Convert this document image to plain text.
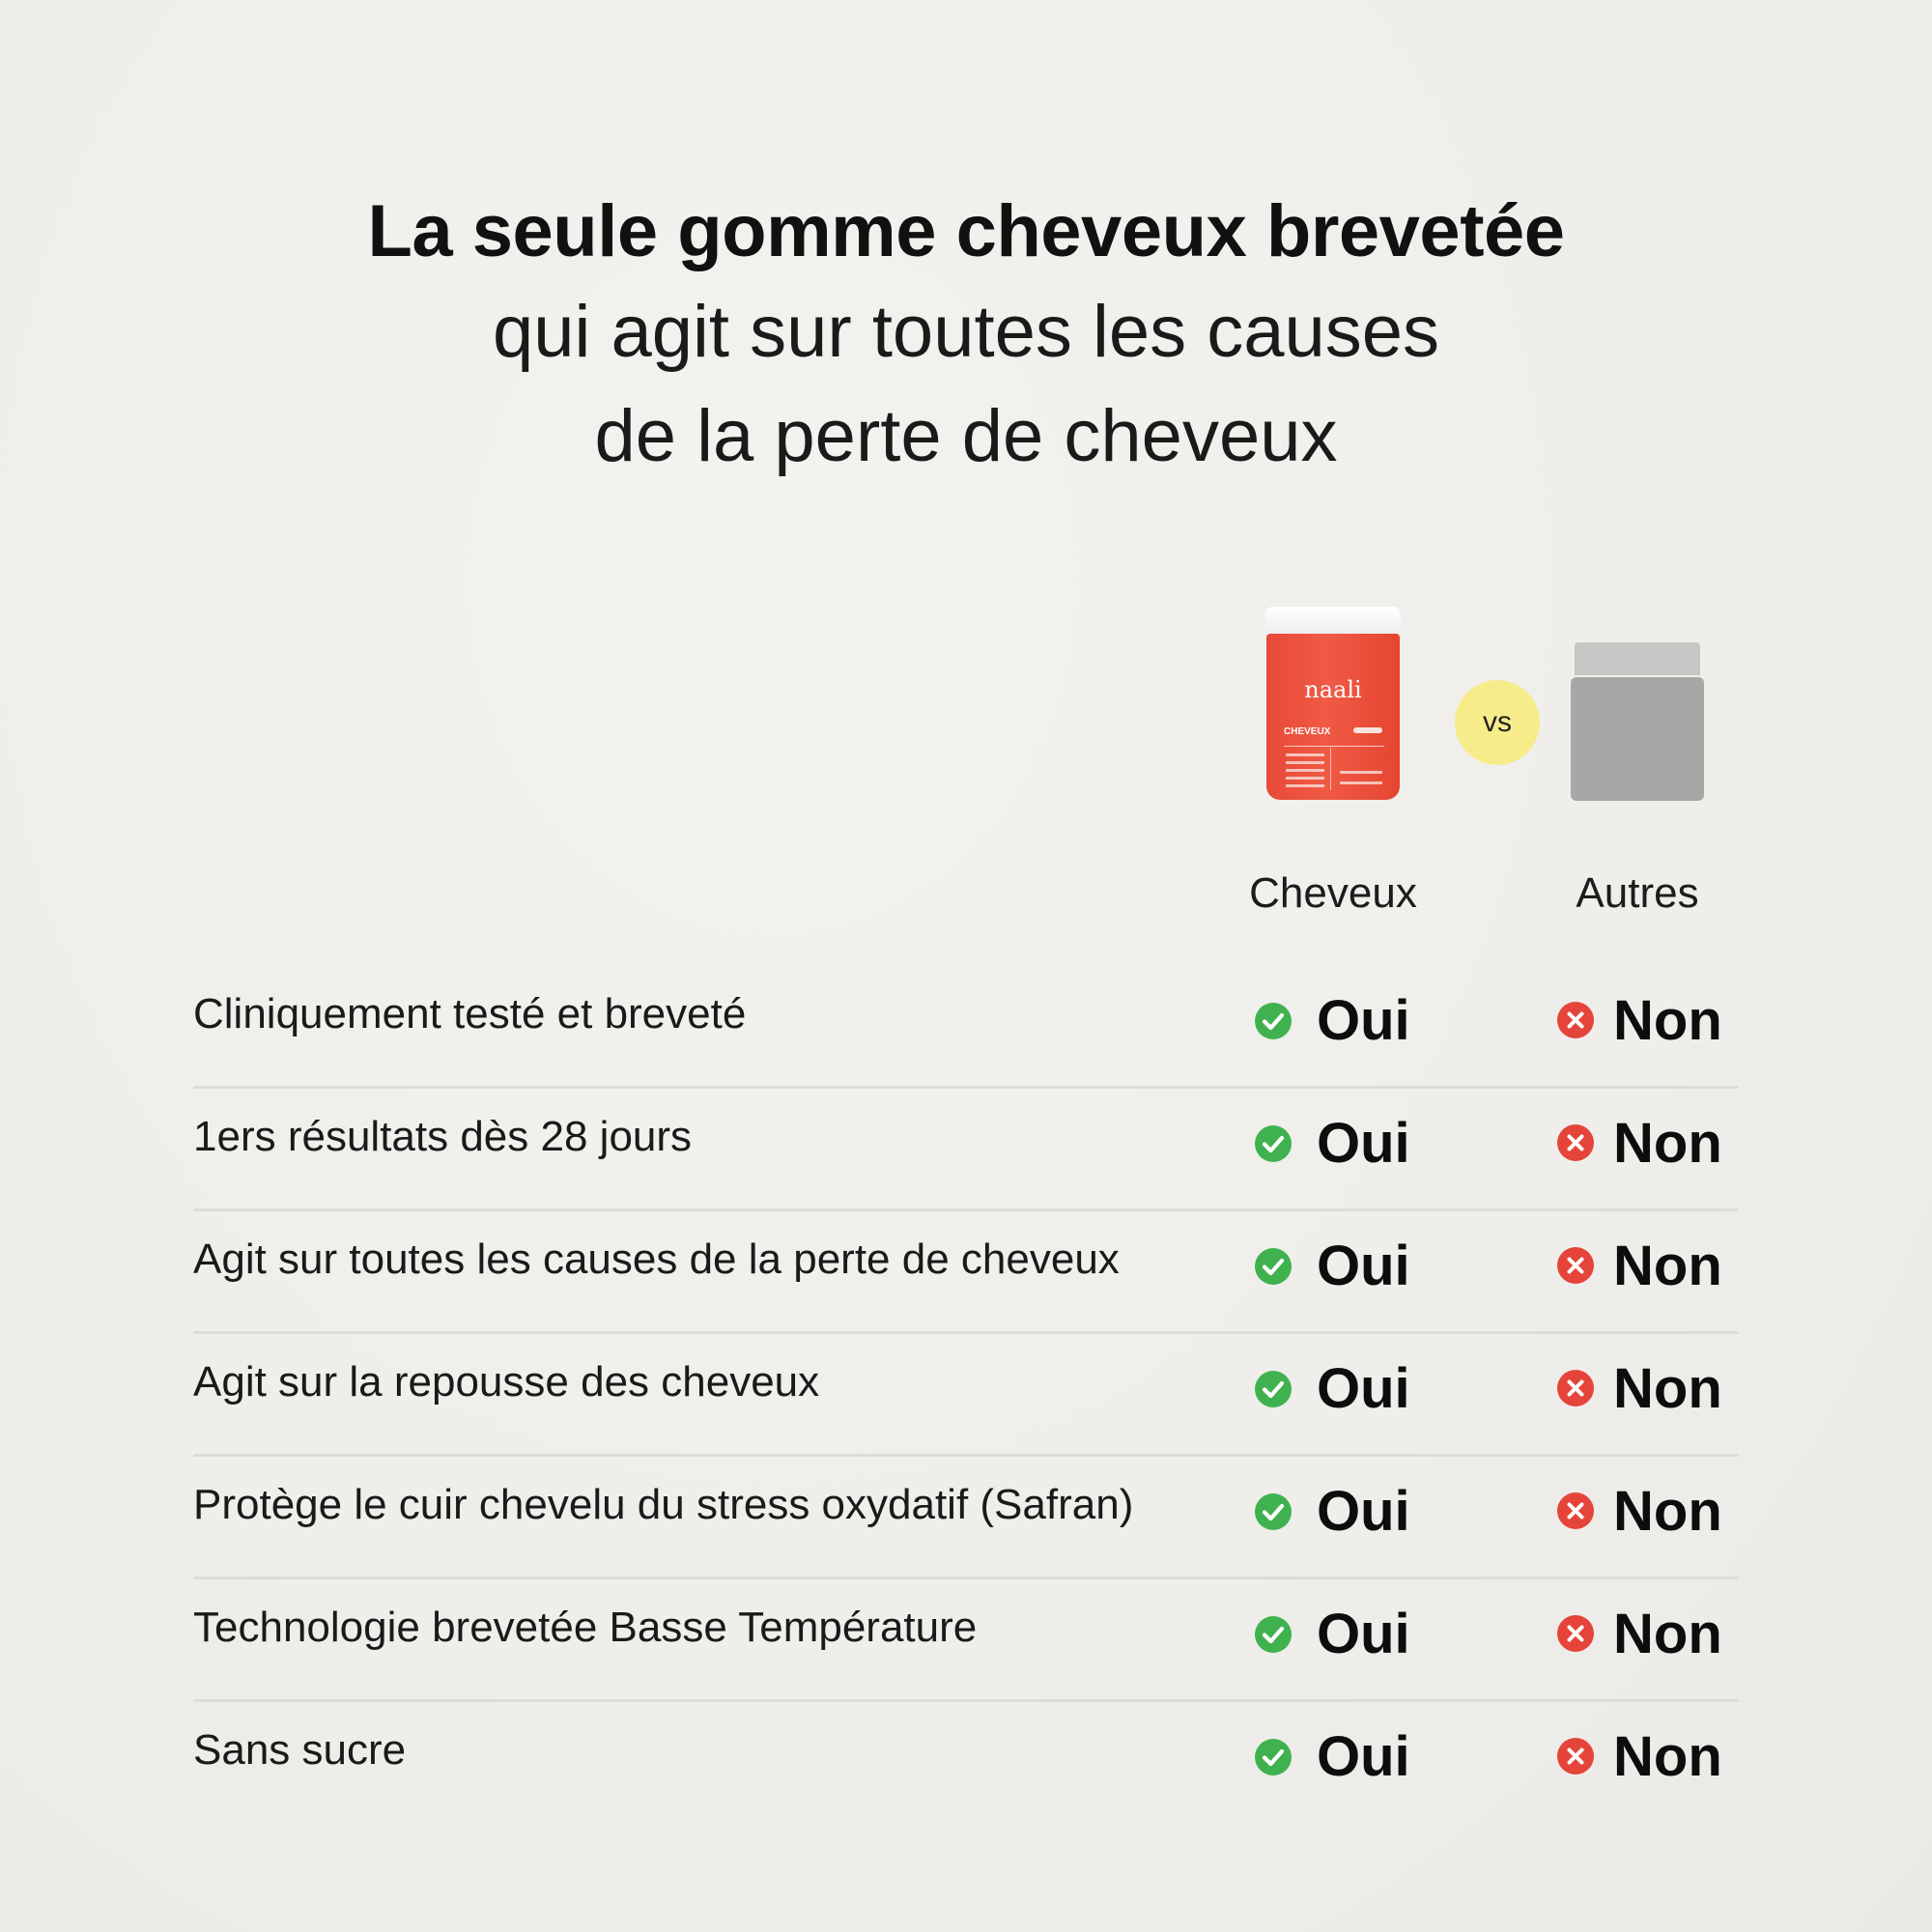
La seule gomme cheveux brevetée
qui agit sur toutes les causes
de la perte de cheveux
naali
CHEVEUX	vs
Cheveux	Autres
Cliniquement testé et breveté	Oui	Non
1ers résultats dès 28 jours	Oui	Non
Agit sur toutes les causes de la perte de cheveux	Oui	Non
Agit sur la repousse des cheveux	Oui	Non
Protège le cuir chevelu du stress oxydatif (Safran)	Oui	Non
Technologie brevetée Basse Température	Oui	Non
Sans sucre	Oui	Non
